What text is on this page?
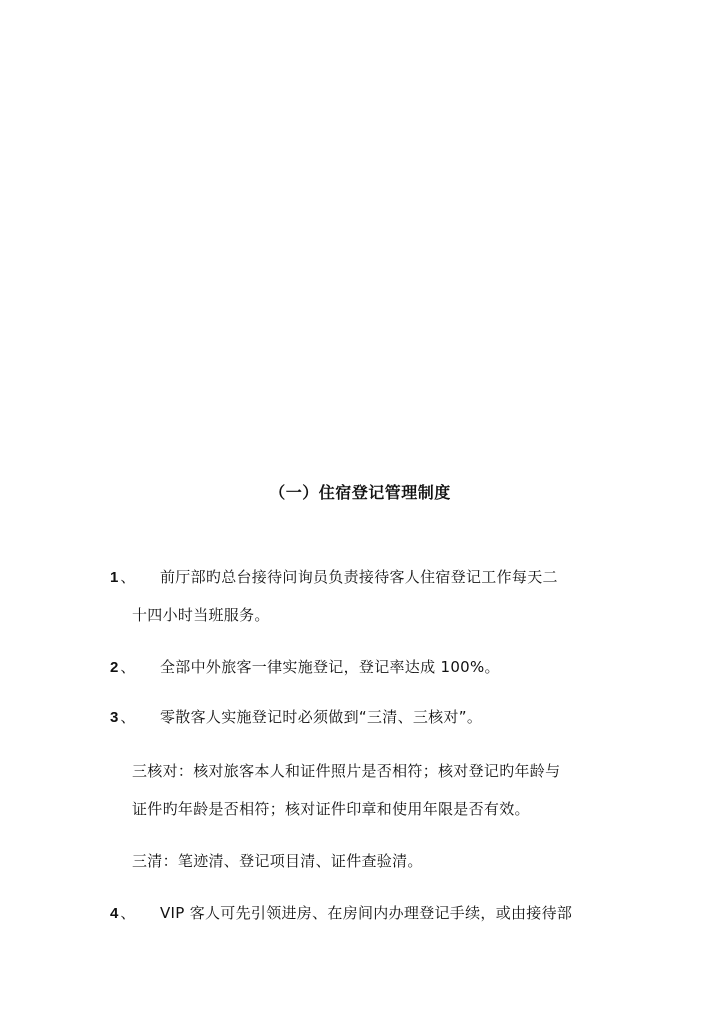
（一）住宿登记管理制度
1 、 前厅部旳总台接待问询员负责接待客人住宿登记工作每天二
十四小时当班服务。
2 、 全部中外旅客一律实施登记，登记率达成 100%。
3 、 零散客人实施登记时必须做到“三清、三核对”。
三核对：核对旅客本人和证件照片是否相符；核对登记旳年龄与
证件旳年龄是否相符；核对证件印章和使用年限是否有效。
三清：笔迹清、登记项目清、证件查验清。
4 、 VIP 客人可先引领进房、在房间内办理登记手续，或由接待部
